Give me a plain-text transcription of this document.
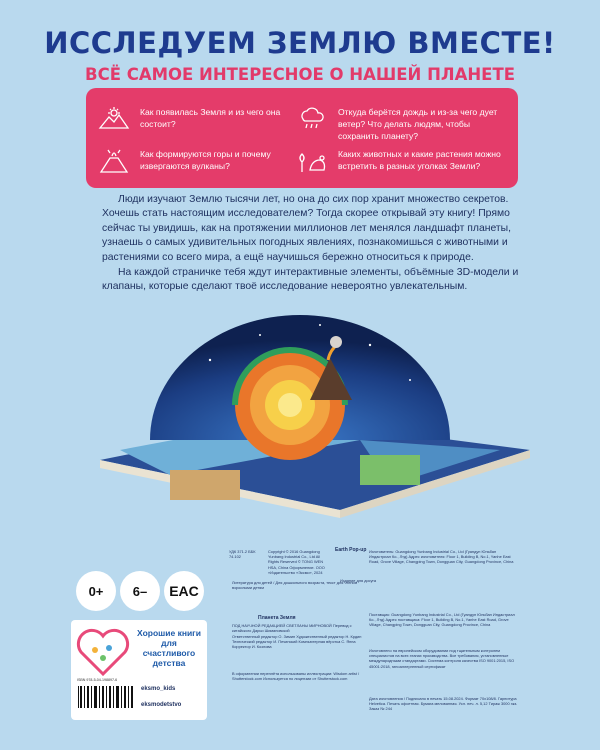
ИССЛЕДУЕМ ЗЕМЛЮ ВМЕСТЕ!
ВСЁ САМОЕ ИНТЕРЕСНОЕ О НАШЕЙ ПЛАНЕТЕ
Как появилась Земля и из чего она состоит?
Как формируются горы и почему извергаются вулканы?
Откуда берётся дождь и из-за чего дует ветер? Что делать людям, чтобы сохранить планету?
Каких животных и какие растения можно встретить в разных уголках Земли?
Люди изучают Землю тысячи лет, но она до сих пор хранит множество секретов. Хочешь стать настоящим исследователем? Тогда скорее открывай эту книгу! Прямо сейчас ты увидишь, как на протяжении миллионов лет менялся ландшафт планеты, узнаешь о самых удивительных погодных явлениях, познакомишься с животными и растениями со всего мира, а ещё научишься бережно относиться к природе.
На каждой страничке тебя ждут интерактивные элементы, объёмные 3D-модели и клапаны, которые сделают твоё исследование невероятно увлекательным.
0+	6–	EAC
Хорошие книги для счастливого детства
ISBN 978-5-04-198897-6
eksmo_kids
eksmodetstvo
УДК 371.2 ББК 74.102
Copyright © 2016 Guangdong Yunbang Industrial Co., Ltd All Rights Reserved © TONG WEN HSA, China Оформление. ООО «Издательство «Эксмо», 2024
Earth Pop-up Изготовитель: Guangdong Yunbang Industrial Co., Ltd (Гуандун Юньбан Индастриал Ко., Лтд) Адрес изготовителя: Floor 1, Building B, No.1, Yanhe East Road, Grove Village, Changping Town, Dongguan City, Guangdong Province, China
Литература для детей / Для дошкольного возраста, текст для чтения взрослыми детям
Издание для досуга
Планета Земля
ПОД НАУЧНОЙ РЕДАКЦИЕЙ СВЕТЛАНЫ МИРНОВОЙ Перевод с китайского Дарьи Шимановской
Ответственный редактор О. Зимин Художественный редактор Н. Крдин Технический редактор И. Печинский Компьютерная вёрстка С. Яппа Корректор И. Козлова
В оформлении переплёта использованы иллюстрации: Wisdom artist / Shutterstock.com Используется по лицензии от Shutterstock.com
Поставщик: Guangdong Yunbang Industrial Co., Ltd (Гуандун Юньбан Индастриал Ко., Лтд) Адрес поставщика: Floor 1, Building B, No.1, Yanhe East Road, Grove Village, Changping Town, Dongguan City, Guangdong Province, China
Изготовлено на европейском оборудовании под тщательным контролем специалистов на всех этапах производства. Все требования, установленные международными стандартами. Система контроля качества ISO 9001:2015, ISO 45001:2018, гипоаллергенный сертификат
Дата изготовления / Подписано в печать 15.08.2024. Формат 70х108/8. Гарнитура Helvetica. Печать офсетная. Бумага мелованная. Усл. печ. л. 5,12 Тираж 3000 экз. Заказ № 244
